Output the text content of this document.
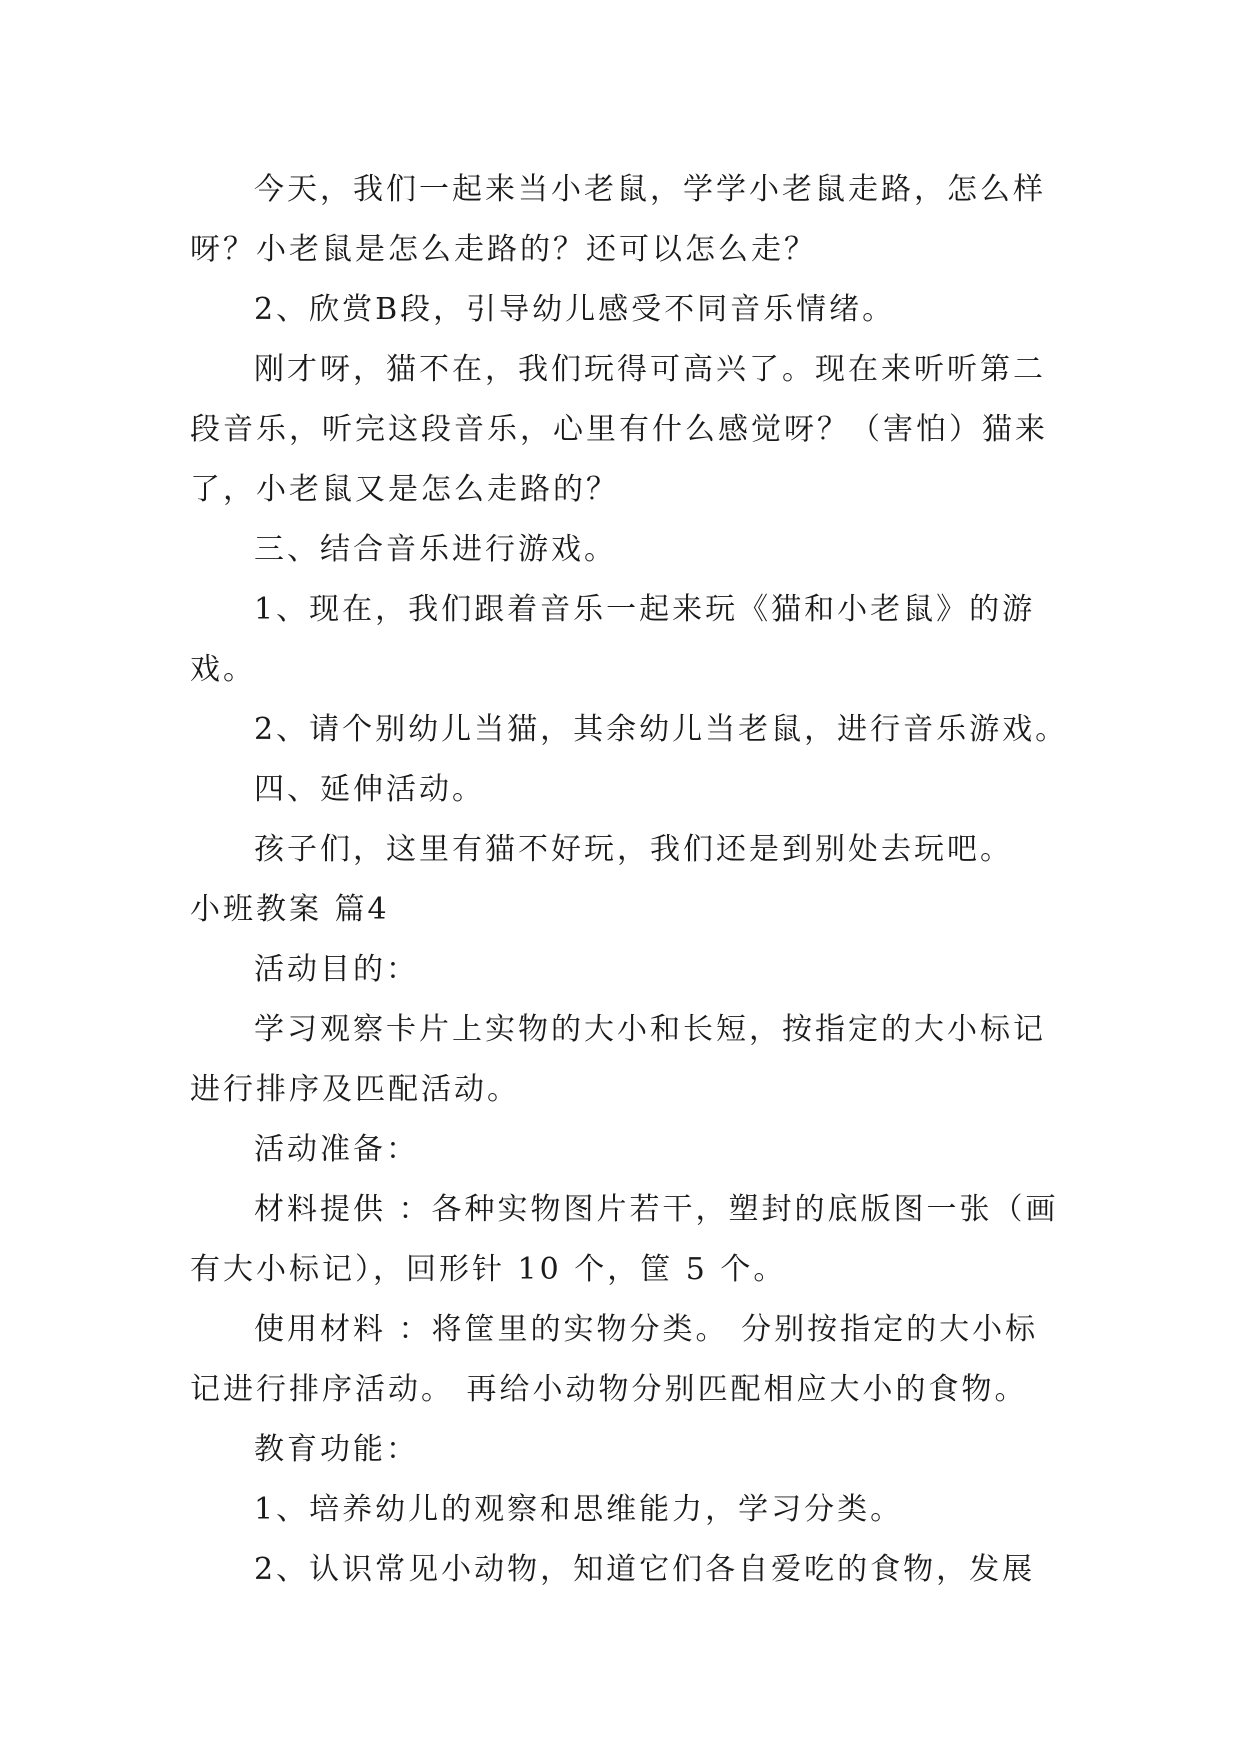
今天，我们一起来当小老鼠，学学小老鼠走路，怎么样呀？小老鼠是怎么走路的？还可以怎么走？

2、欣赏B段，引导幼儿感受不同音乐情绪。

刚才呀，猫不在，我们玩得可高兴了。现在来听听第二段音乐，听完这段音乐，心里有什么感觉呀？（害怕）猫来了，小老鼠又是怎么走路的？

三、结合音乐进行游戏。

1、现在，我们跟着音乐一起来玩《猫和小老鼠》的游戏。

2、请个别幼儿当猫，其余幼儿当老鼠，进行音乐游戏。

四、延伸活动。

孩子们，这里有猫不好玩，我们还是到别处去玩吧。

小班教案 篇4

活动目的：

学习观察卡片上实物的大小和长短，按指定的大小标记进行排序及匹配活动。

活动准备：

材料提供 ：各种实物图片若干，塑封的底版图一张（画有大小标记），回形针 10 个，筐 5 个。

使用材料 ：将筐里的实物分类。 分别按指定的大小标记进行排序活动。 再给小动物分别匹配相应大小的食物。

教育功能：

1、培养幼儿的观察和思维能力，学习分类。

2、认识常见小动物，知道它们各自爱吃的食物，发展
